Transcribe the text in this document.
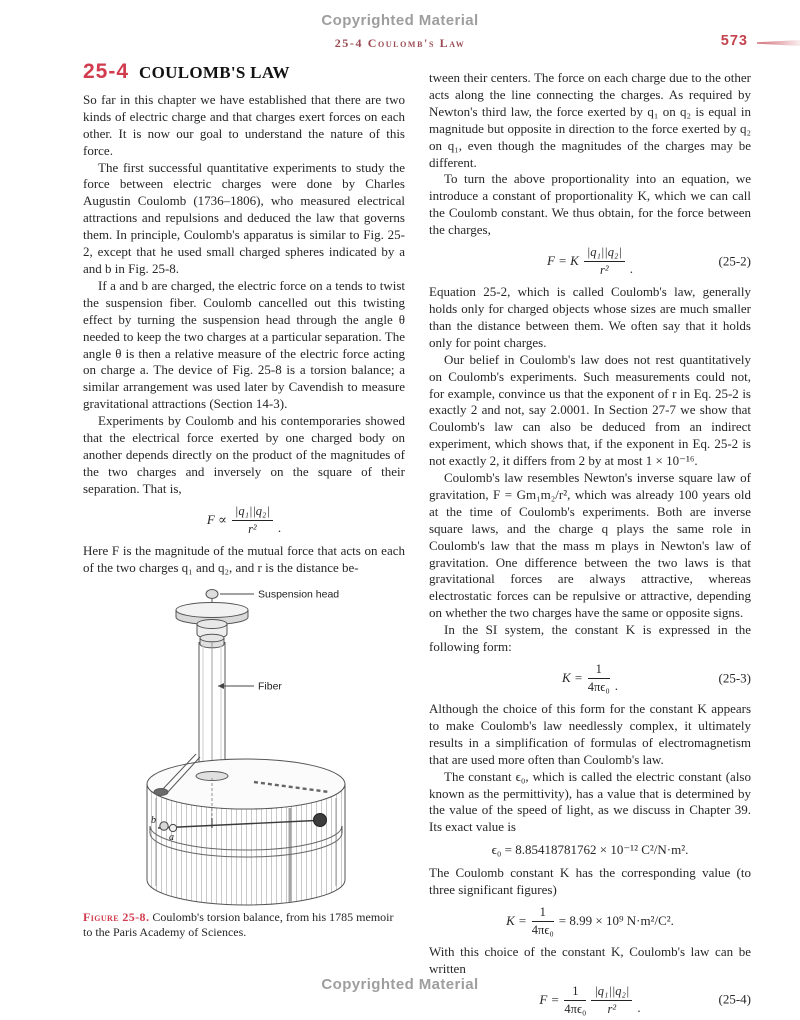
Copyrighted Material
25-4 Coulomb's Law	573
25-4 COULOMB'S LAW

So far in this chapter we have established that there are two kinds of electric charge and that charges exert forces on each other. It is now our goal to understand the nature of this force.

The first successful quantitative experiments to study the force between electric charges were done by Charles Augustin Coulomb (1736–1806), who measured electrical attractions and repulsions and deduced the law that governs them. In principle, Coulomb's apparatus is similar to Fig. 25-2, except that he used small charged spheres indicated by a and b in Fig. 25-8.

If a and b are charged, the electric force on a tends to twist the suspension fiber. Coulomb cancelled out this twisting effect by turning the suspension head through the angle θ needed to keep the two charges at a particular separation. The angle θ is then a relative measure of the electric force acting on charge a. The device of Fig. 25-8 is a torsion balance; a similar arrangement was used later by Cavendish to measure gravitational attractions (Section 14-3).

Experiments by Coulomb and his contemporaries showed that the electrical force exerted by one charged body on another depends directly on the product of the magnitudes of the two charges and inversely on the square of their separation. That is,

$F \propto \frac{\text{|q₁||q₂|}}{\text{r²}}$ .

Here F is the magnitude of the mutual force that acts on each of the two charges q₁ and q₂, and r is the distance be-

Suspension head
Fiber
b
a
Figure 25-8. Coulomb's torsion balance, from his 1785 memoir to the Paris Academy of Sciences.

tween their centers. The force on each charge due to the other acts along the line connecting the charges. As required by Newton's third law, the force exerted by q₁ on q₂ is equal in magnitude but opposite in direction to the force exerted by q₂ on q₁, even though the magnitudes of the charges may be different.

To turn the above proportionality into an equation, we introduce a constant of proportionality K, which we can call the Coulomb constant. We thus obtain, for the force between the charges,

F = K $\frac{\text{|q₁||q₂|}}{\text{r²}}$ .
(25-2)

Equation 25-2, which is called Coulomb's law, generally holds only for charged objects whose sizes are much smaller than the distance between them. We often say that it holds only for point charges.

Our belief in Coulomb's law does not rest quantitatively on Coulomb's experiments. Such measurements could not, for example, convince us that the exponent of r in Eq. 25-2 is exactly 2 and not, say 2.0001. In Section 27-7 we show that Coulomb's law can also be deduced from an indirect experiment, which shows that, if the exponent in Eq. 25-2 is not exactly 2, it differs from 2 by at most 1 × 10⁻¹⁶.

Coulomb's law resembles Newton's inverse square law of gravitation, F = Gm₁m₂/r², which was already 100 years old at the time of Coulomb's experiments. Both are inverse square laws, and the charge q plays the same role in Coulomb's law that the mass m plays in Newton's law of gravitation. One difference between the two laws is that gravitational forces are always attractive, whereas electrostatic forces can be repulsive or attractive, depending on whether the two charges have the same or opposite signs.

In the SI system, the constant K is expressed in the following form:

$K = \frac{1}{\text{4πϵ₀}}$ .
(25-3)

Although the choice of this form for the constant K appears to make Coulomb's law needlessly complex, it ultimately results in a simplification of formulas of electromagnetism that are used more often than Coulomb's law.

The constant ϵ₀, which is called the electric constant (also known as the permittivity), has a value that is determined by the value of the speed of light, as we discuss in Chapter 39. Its exact value is

ϵ₀ = 8.85418781762 × 10⁻¹² C²/N·m².

The Coulomb constant K has the corresponding value (to three significant figures)

$K = \frac{1}{\text{4πϵ₀}} = 8.99 \times 10^9$ N·m²/C².

With this choice of the constant K, Coulomb's law can be written

$F = \frac{1}{\text{4πϵ₀}} \frac{\text{|q₁||q₂|}}{\text{r²}}$ .
(25-4)
Copyrighted Material
